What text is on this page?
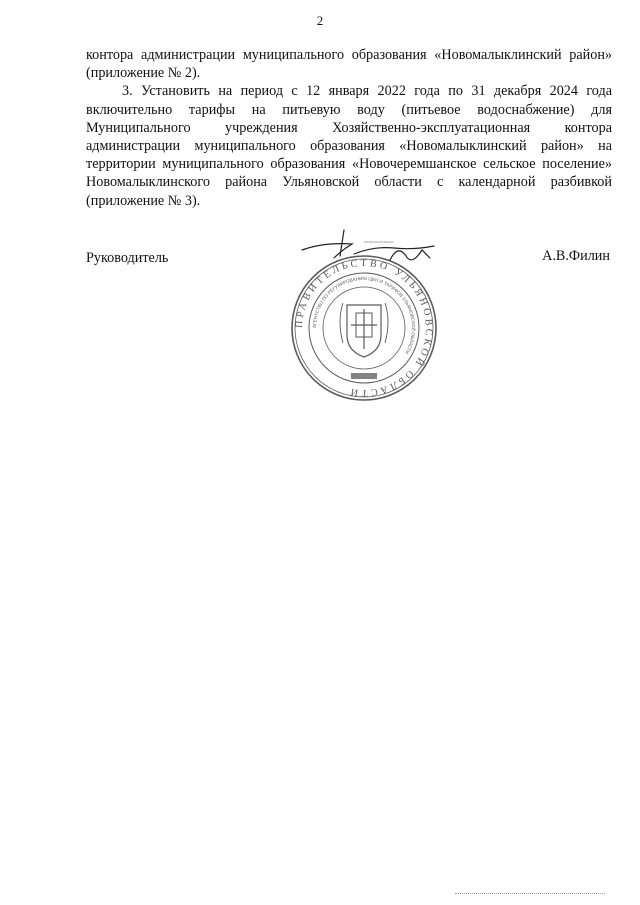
2

контора администрации муниципального образования «Новомалыклинский район» (приложение № 2).

3. Установить на период с 12 января 2022 года по 31 декабря 2024 года включительно тарифы на питьевую воду (питьевое водоснабжение) для Муниципального учреждения Хозяйственно-эксплуатационная контора администрации муниципального образования «Новомалыклинский район» на территории муниципального образования «Новочеремшанское сельское поселение» Новомалыклинского района Ульяновской области с календарной разбивкой (приложение № 3).

Руководитель	А.В.Филин
ПРАВИТЕЛЬСТВО УЛЬЯНОВСКОЙ ОБЛАСТИ
АГЕНТСТВО ПО РЕГУЛИРОВАНИЮ ЦЕН И ТАРИФОВ УЛЬЯНОВСКОЙ ОБЛАСТИ
